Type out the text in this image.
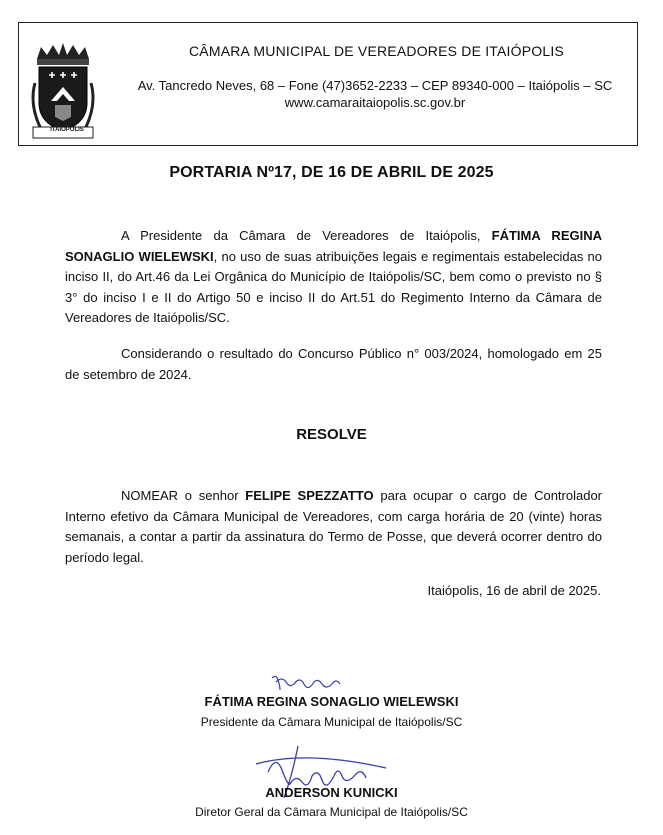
ITAIÓPOLIS
CÂMARA MUNICIPAL DE VEREADORES DE ITAIÓPOLIS
Av. Tancredo Neves, 68 – Fone (47)3652-2233 – CEP 89340-000 – Itaiópolis – SC
www.camaraitaiopolis.sc.gov.br
PORTARIA Nº17, DE 16 DE ABRIL DE 2025
A Presidente da Câmara de Vereadores de Itaiópolis, FÁTIMA REGINA SONAGLIO WIELEWSKI, no uso de suas atribuições legais e regimentais estabelecidas no inciso II, do Art.46 da Lei Orgânica do Município de Itaiópolis/SC, bem como o previsto no § 3° do inciso I e II do Artigo 50 e inciso II do Art.51 do Regimento Interno da Câmara de Vereadores de Itaiópolis/SC.
Considerando o resultado do Concurso Público n° 003/2024, homologado em 25 de setembro de 2024.
RESOLVE
NOMEAR o senhor FELIPE SPEZZATTO para ocupar o cargo de Controlador Interno efetivo da Câmara Municipal de Vereadores, com carga horária de 20 (vinte) horas semanais, a contar a partir da assinatura do Termo de Posse, que deverá ocorrer dentro do período legal.
Itaiópolis, 16 de abril de 2025.
FÁTIMA REGINA SONAGLIO WIELEWSKI
Presidente da Câmara Municipal de Itaiópolis/SC
ANDERSON KUNICKI
Diretor Geral da Câmara Municipal de Itaiópolis/SC
